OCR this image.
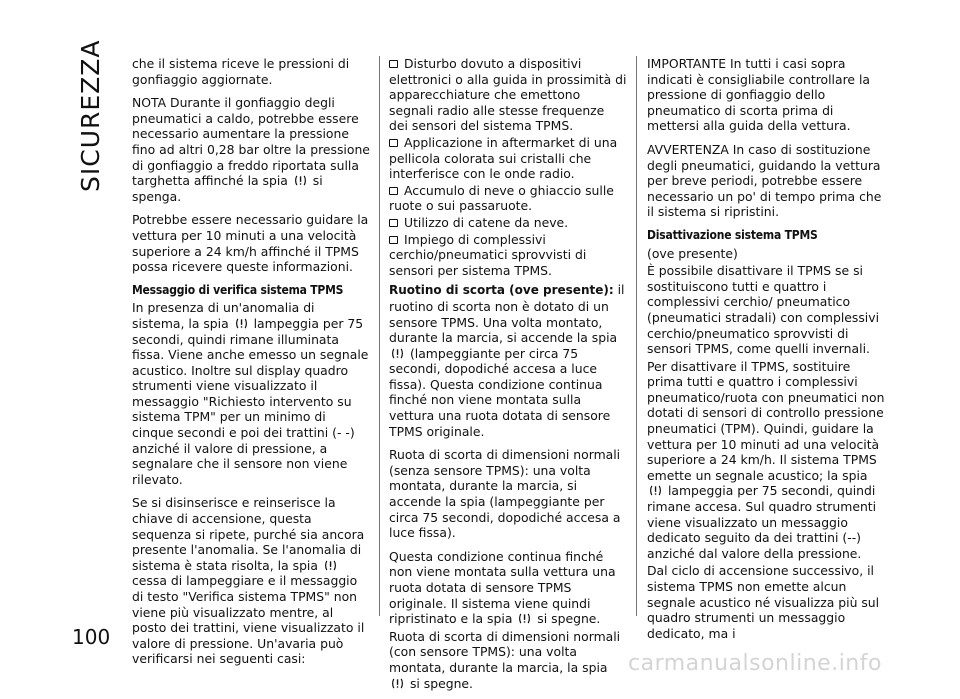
SICUREZZA
100

che il sistema riceve le pressioni di gonfiaggio aggiornate.

NOTA Durante il gonfiaggio degli pneumatici a caldo, potrebbe essere necessario aumentare la pressione fino ad altri 0,28 bar oltre la pressione di gonfiaggio a freddo riportata sulla targhetta affinché la spia
si spenga.

Potrebbe essere necessario guidare la vettura per 10 minuti a una velocità superiore a 24 km/h affinché il TPMS possa ricevere queste informazioni.

Messaggio di verifica sistema TPMS

In presenza di un'anomalia di sistema, la spia
lampeggia per 75 secondi, quindi rimane illuminata fissa. Viene anche emesso un segnale acustico. Inoltre sul display quadro strumenti viene visualizzato il messaggio "Richiesto intervento su sistema TPM" per un minimo di cinque secondi e poi dei trattini (- -) anziché il valore di pressione, a segnalare che il sensore non viene rilevato.

Se si disinserisce e reinserisce la chiave di accensione, questa sequenza si ripete, purché sia ancora presente l'anomalia. Se l'anomalia di sistema è stata risolta, la spia
cessa di lampeggiare e il messaggio di testo "Verifica sistema TPMS" non viene più visualizzato mentre, al posto dei trattini, viene visualizzato il valore di pressione. Un'avaria può verificarsi nei seguenti casi:

Disturbo dovuto a dispositivi elettronici o alla guida in prossimità di apparecchiature che emettono segnali radio alle stesse frequenze dei sensori del sistema TPMS.

Applicazione in aftermarket di una pellicola colorata sui cristalli che interferisce con le onde radio.

Accumulo di neve o ghiaccio sulle ruote o sui passaruote.

Utilizzo di catene da neve.

Impiego di complessivi cerchio/pneumatici sprovvisti di sensori per sistema TPMS.

Ruotino di scorta (ove presente): il ruotino di scorta non è dotato di un sensore TPMS. Una volta montato, durante la marcia, si accende la spia
(lampeggiante per circa 75 secondi, dopodiché accesa a luce fissa). Questa condizione continua finché non viene montata sulla vettura una ruota dotata di sensore TPMS originale.

Ruota di scorta di dimensioni normali (senza sensore TPMS): una volta montata, durante la marcia, si accende la spia (lampeggiante per circa 75 secondi, dopodiché accesa a luce fissa).

Questa condizione continua finché non viene montata sulla vettura una ruota dotata di sensore TPMS originale. Il sistema viene quindi ripristinato e la spia
si spegne.

Ruota di scorta di dimensioni normali (con sensore TPMS): una volta montata, durante la marcia, la spia
si spegne.

IMPORTANTE In tutti i casi sopra indicati è consigliabile controllare la pressione di gonfiaggio dello pneumatico di scorta prima di mettersi alla guida della vettura.

AVVERTENZA In caso di sostituzione degli pneumatici, guidando la vettura per breve periodi, potrebbe essere necessario un po' di tempo prima che il sistema si ripristini.

Disattivazione sistema TPMS

(ove presente)

È possibile disattivare il TPMS se si sostituiscono tutti e quattro i complessivi cerchio/ pneumatico (pneumatici stradali) con complessivi cerchio/pneumatico sprovvisti di sensori TPMS, come quelli invernali.

Per disattivare il TPMS, sostituire prima tutti e quattro i complessivi pneumatico/ruota con pneumatici non dotati di sensori di controllo pressione pneumatici (TPM). Quindi, guidare la vettura per 10 minuti ad una velocità superiore a 24 km/h. Il sistema TPMS emette un segnale acustico; la spia
lampeggia per 75 secondi, quindi rimane accesa. Sul quadro strumenti viene visualizzato un messaggio dedicato seguito da dei trattini (--) anziché dal valore della pressione.

Dal ciclo di accensione successivo, il sistema TPMS non emette alcun segnale acustico né visualizza più sul quadro strumenti un messaggio dedicato, ma i

carmanualsonline.info
